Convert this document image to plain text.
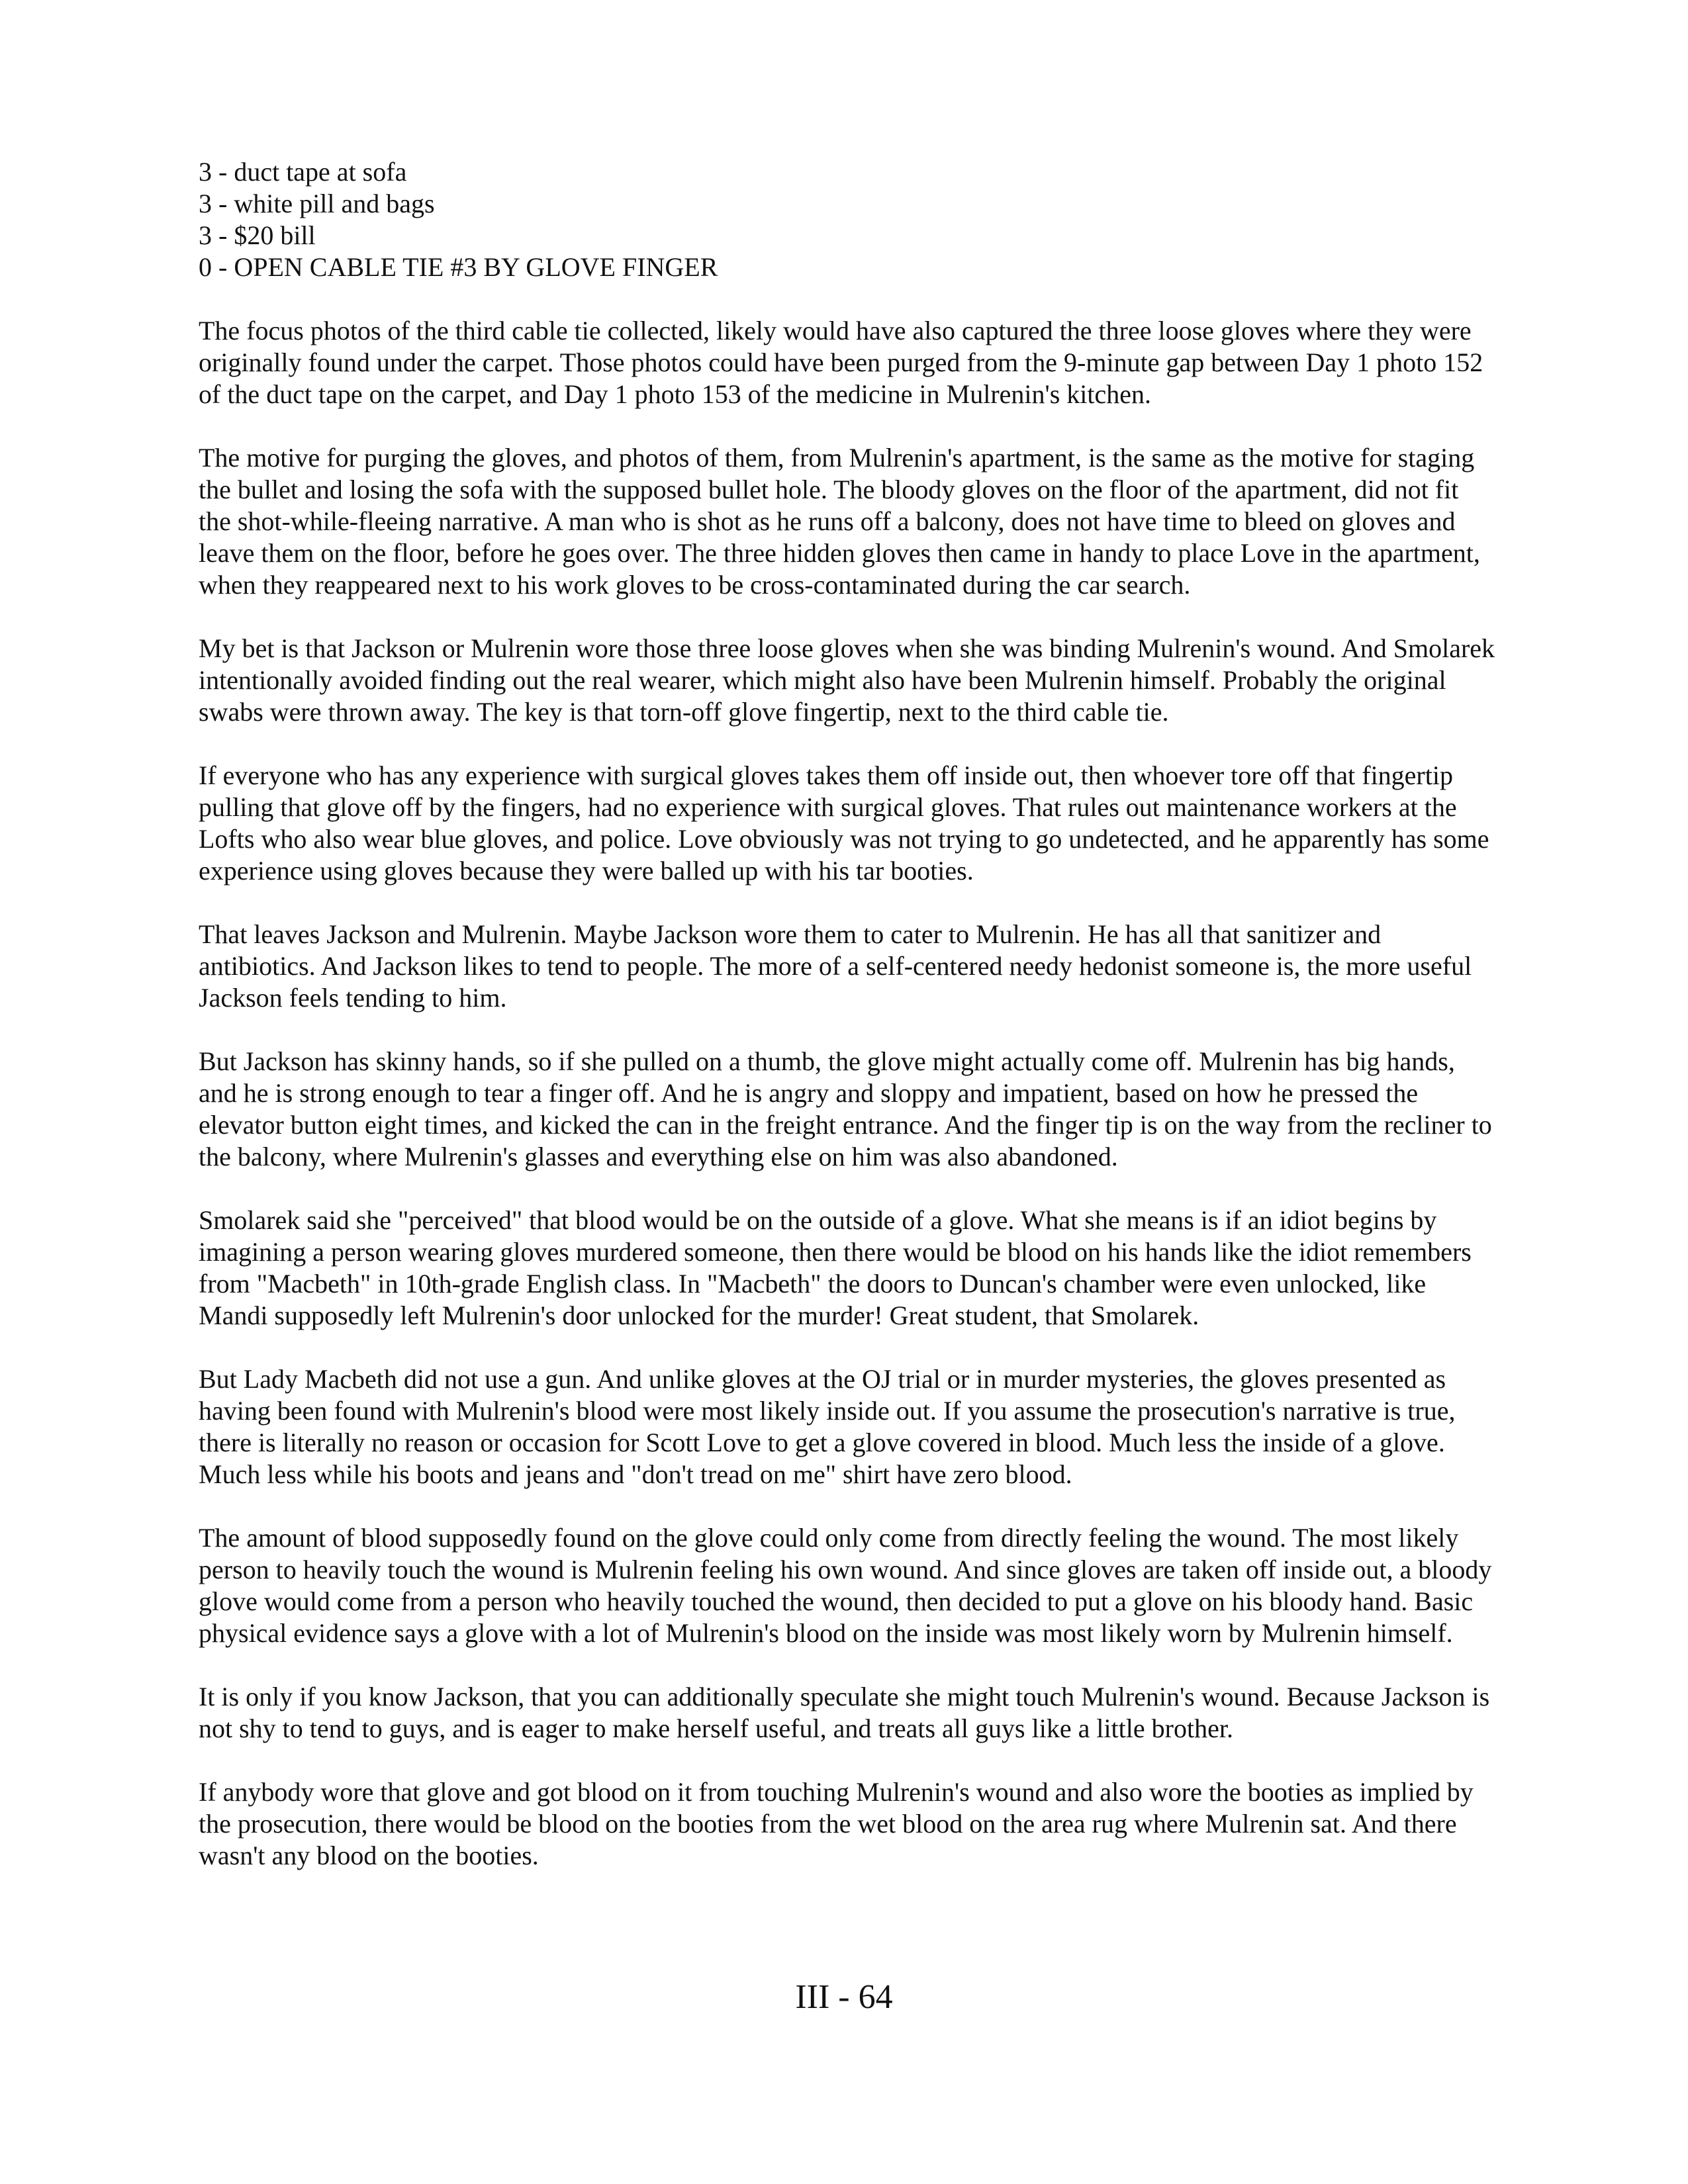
3 - duct tape at sofa
3 - white pill and bags
3 - $20 bill
0 - OPEN CABLE TIE #3 BY GLOVE FINGER

The focus photos of the third cable tie collected, likely would have also captured the three loose gloves where they were originally found under the carpet. Those photos could have been purged from the 9-minute gap between Day 1 photo 152 of the duct tape on the carpet, and Day 1 photo 153 of the medicine in Mulrenin's kitchen.

The motive for purging the gloves, and photos of them, from Mulrenin's apartment, is the same as the motive for staging the bullet and losing the sofa with the supposed bullet hole. The bloody gloves on the floor of the apartment, did not fit the shot-while-fleeing narrative. A man who is shot as he runs off a balcony, does not have time to bleed on gloves and leave them on the floor, before he goes over. The three hidden gloves then came in handy to place Love in the apartment, when they reappeared next to his work gloves to be cross-contaminated during the car search.

My bet is that Jackson or Mulrenin wore those three loose gloves when she was binding Mulrenin's wound. And Smolarek intentionally avoided finding out the real wearer, which might also have been Mulrenin himself. Probably the original swabs were thrown away. The key is that torn-off glove fingertip, next to the third cable tie.

If everyone who has any experience with surgical gloves takes them off inside out, then whoever tore off that fingertip pulling that glove off by the fingers, had no experience with surgical gloves. That rules out maintenance workers at the Lofts who also wear blue gloves, and police. Love obviously was not trying to go undetected, and he apparently has some experience using gloves because they were balled up with his tar booties.

That leaves Jackson and Mulrenin. Maybe Jackson wore them to cater to Mulrenin. He has all that sanitizer and antibiotics. And Jackson likes to tend to people. The more of a self-centered needy hedonist someone is, the more useful Jackson feels tending to him.

But Jackson has skinny hands, so if she pulled on a thumb, the glove might actually come off. Mulrenin has big hands, and he is strong enough to tear a finger off. And he is angry and sloppy and impatient, based on how he pressed the elevator button eight times, and kicked the can in the freight entrance. And the finger tip is on the way from the recliner to the balcony, where Mulrenin's glasses and everything else on him was also abandoned.

Smolarek said she "perceived" that blood would be on the outside of a glove. What she means is if an idiot begins by imagining a person wearing gloves murdered someone, then there would be blood on his hands like the idiot remembers from "Macbeth" in 10th-grade English class. In "Macbeth" the doors to Duncan's chamber were even unlocked, like Mandi supposedly left Mulrenin's door unlocked for the murder! Great student, that Smolarek.

But Lady Macbeth did not use a gun. And unlike gloves at the OJ trial or in murder mysteries, the gloves presented as having been found with Mulrenin's blood were most likely inside out. If you assume the prosecution's narrative is true, there is literally no reason or occasion for Scott Love to get a glove covered in blood. Much less the inside of a glove. Much less while his boots and jeans and "don't tread on me" shirt have zero blood.

The amount of blood supposedly found on the glove could only come from directly feeling the wound. The most likely person to heavily touch the wound is Mulrenin feeling his own wound. And since gloves are taken off inside out, a bloody glove would come from a person who heavily touched the wound, then decided to put a glove on his bloody hand. Basic physical evidence says a glove with a lot of Mulrenin's blood on the inside was most likely worn by Mulrenin himself.

It is only if you know Jackson, that you can additionally speculate she might touch Mulrenin's wound. Because Jackson is not shy to tend to guys, and is eager to make herself useful, and treats all guys like a little brother.

If anybody wore that glove and got blood on it from touching Mulrenin's wound and also wore the booties as implied by the prosecution, there would be blood on the booties from the wet blood on the area rug where Mulrenin sat. And there wasn't any blood on the booties.

III - 64
